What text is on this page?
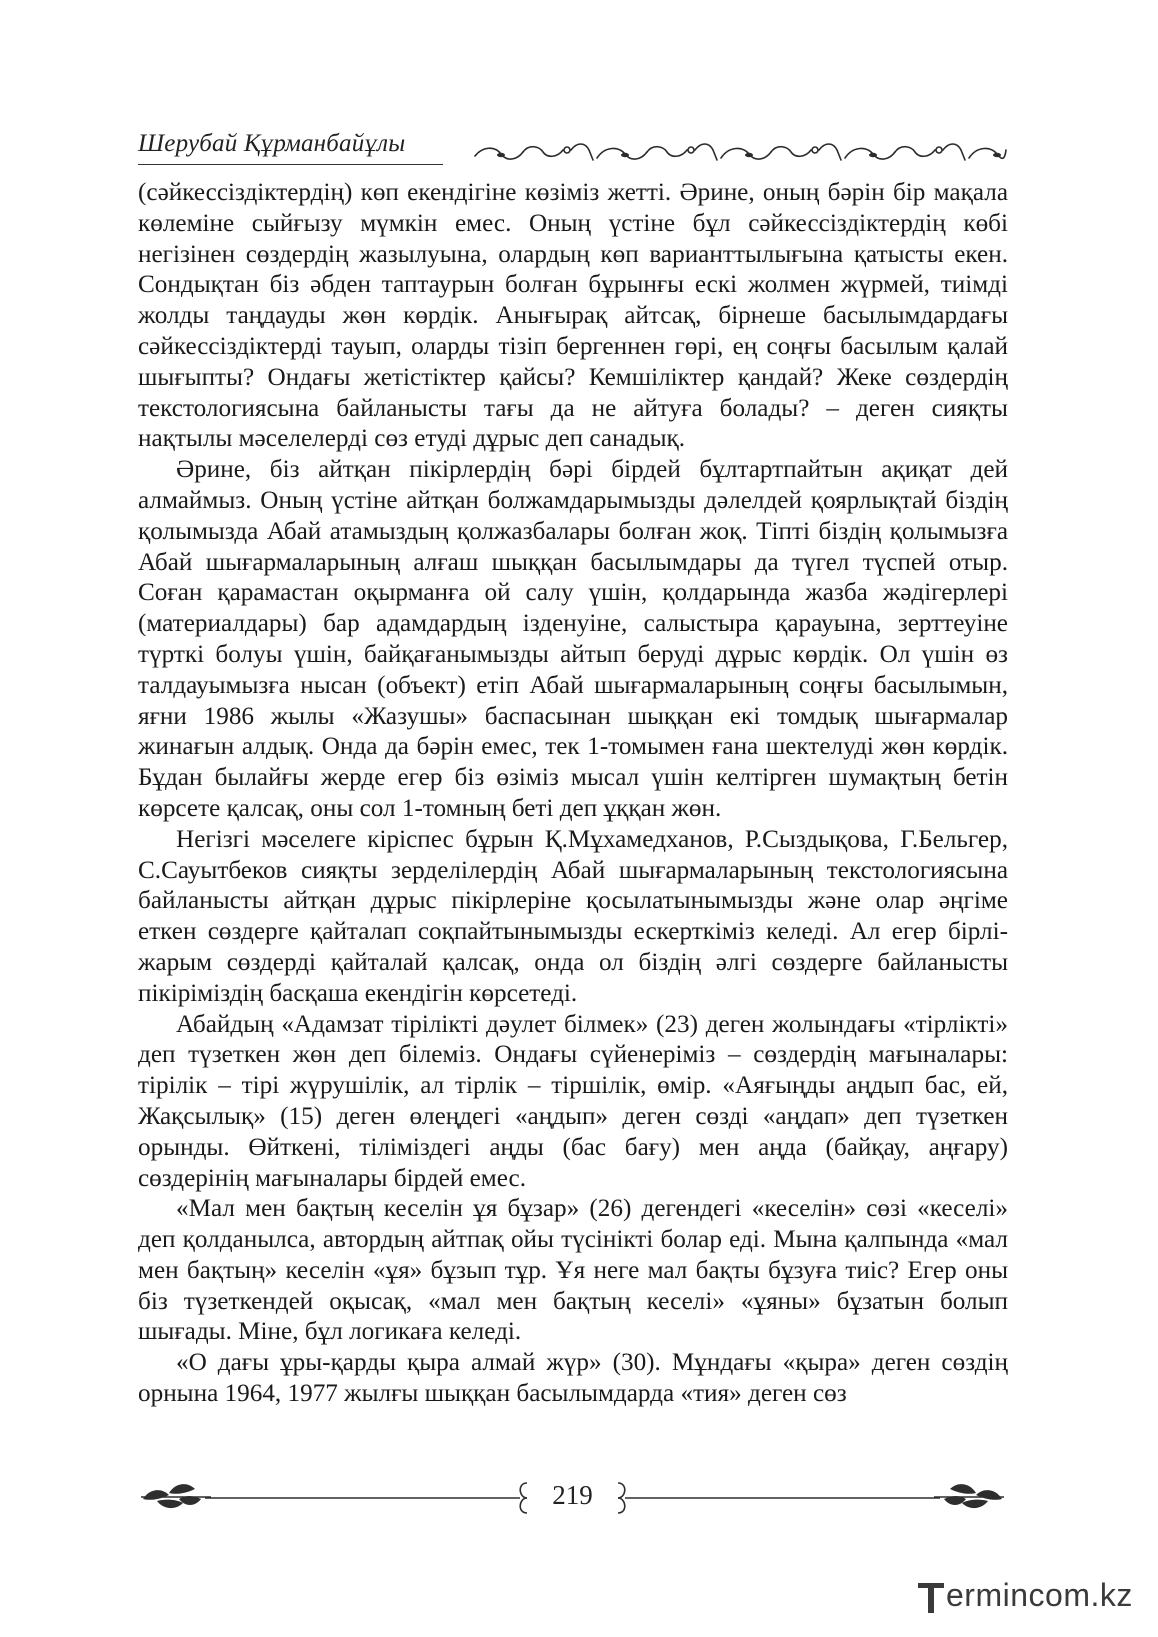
Шерубай Құрманбайұлы

(сәйкессіздіктердің) көп екендігіне көзіміз жетті. Әрине, оның бәрін бір мақала көлеміне сыйғызу мүмкін емес. Оның үстіне бұл сәйкессіздіктердің көбі негізінен сөздердің жазылуына, олардың көп варианттылығына қатысты екен. Сондықтан біз әбден таптаурын болған бұрынғы ескі жолмен жүрмей, тиімді жолды таңдауды жөн көрдік. Анығырақ айтсақ, бірнеше басылымдардағы сәйкессіздіктерді тауып, оларды тізіп бергеннен гөрі, ең соңғы басылым қалай шығыпты? Ондағы жетістіктер қайсы? Кемшіліктер қандай? Жеке сөздердің текстологиясына байланысты тағы да не айтуға болады? – деген сияқты нақтылы мәселелерді сөз етуді дұрыс деп санадық.

Әрине, біз айтқан пікірлердің бәрі бірдей бұлтартпайтын ақиқат дей алмаймыз. Оның үстіне айтқан болжамдарымызды дәлелдей қоярлықтай біздің қолымызда Абай атамыздың қолжазбалары болған жоқ. Тіпті біздің қолымызға Абай шығармаларының алғаш шыққан басылымдары да түгел түспей отыр. Соған қарамастан оқырманға ой салу үшін, қолдарында жазба жәдігерлері (материалдары) бар адамдардың ізденуіне, салыстыра қарауына, зерттеуіне түрткі болуы үшін, байқағанымызды айтып беруді дұрыс көрдік. Ол үшін өз талдауымызға нысан (объект) етіп Абай шығармаларының соңғы басылымын, яғни 1986 жылы «Жазушы» баспасынан шыққан екі томдық шығармалар жинағын алдық. Онда да бәрін емес, тек 1-томымен ғана шектелуді жөн көрдік. Бұдан былайғы жерде егер біз өзіміз мысал үшін келтірген шумақтың бетін көрсете қалсақ, оны сол 1-томның беті деп ұққан жөн.

Негізгі мәселеге кіріспес бұрын Қ.Мұхамедханов, Р.Сыздықова, Г.Бельгер, С.Сауытбеков сияқты зерделілердің Абай шығармаларының текстологиясына байланысты айтқан дұрыс пікірлеріне қосылатынымызды және олар әңгіме еткен сөздерге қайталап соқпайтынымызды ескерткіміз келеді. Ал егер бірлі-жарым сөздерді қайталай қалсақ, онда ол біздің әлгі сөздерге байланысты пікіріміздің басқаша екендігін көрсетеді.

Абайдың «Адамзат тірілікті дәулет білмек» (23) деген жолындағы «тірлікті» деп түзеткен жөн деп білеміз. Ондағы сүйенеріміз – сөздердің мағыналары: тірілік – тірі жүрушілік, ал тірлік – тіршілік, өмір. «Аяғыңды аңдып бас, ей, Жақсылық» (15) деген өлеңдегі «аңдып» деген сөзді «аңдап» деп түзеткен орынды. Өйткені, тіліміздегі аңды (бас бағу) мен аңда (байқау, аңғару) сөздерінің мағыналары бірдей емес.

«Мал мен бақтың кеселін ұя бұзар» (26) дегендегі «кеселін» сөзі «кеселі» деп қолданылса, автордың айтпақ ойы түсінікті болар еді. Мына қалпында «мал мен бақтың» кеселін «ұя» бұзып тұр. Ұя неге мал бақты бұзуға тиіс? Егер оны біз түзеткендей оқысақ, «мал мен бақтың кеселі» «ұяны» бұзатын болып шығады. Міне, бұл логикаға келеді.

«О дағы ұры-қарды қыра алмай жүр» (30). Мұндағы «қыра» деген сөздің орнына 1964, 1977 жылғы шыққан басылымдарда «тия» деген сөз

219
ermincom.kz
